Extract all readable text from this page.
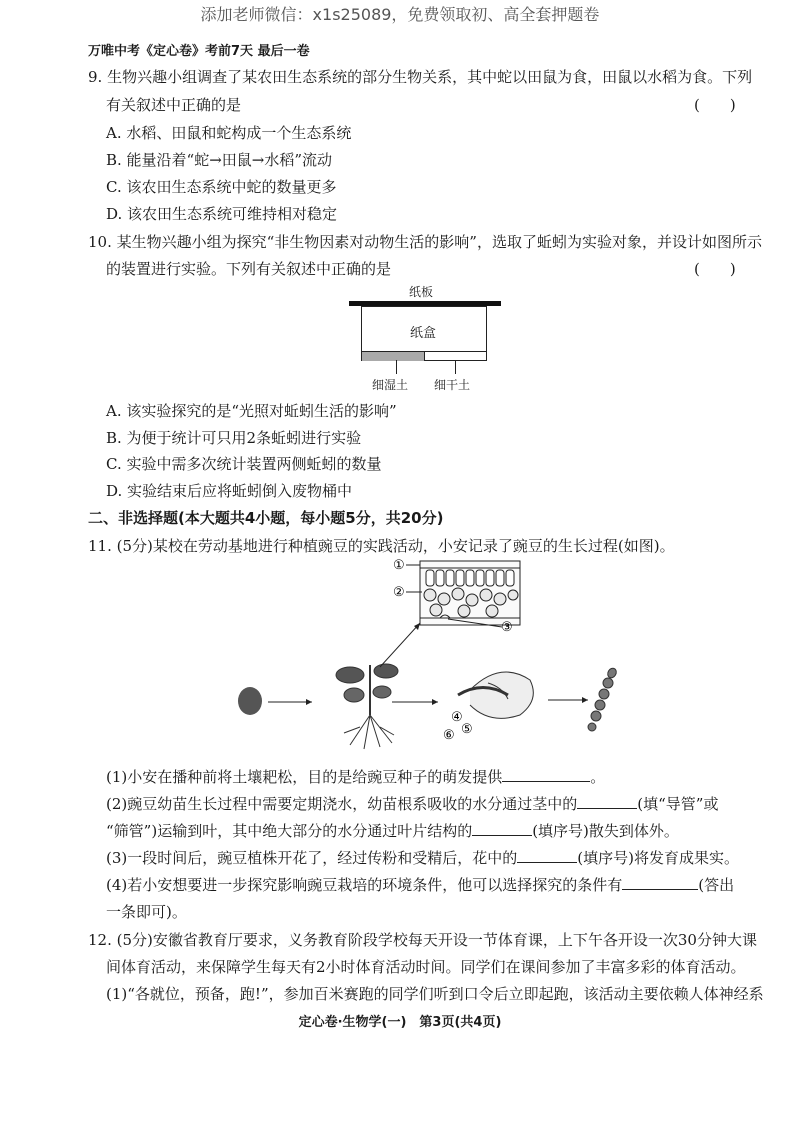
添加老师微信：x1s25089，免费领取初、高全套押题卷
万唯中考《定心卷》考前7天 最后一卷
9. 生物兴趣小组调查了某农田生态系统的部分生物关系，其中蛇以田鼠为食，田鼠以水稻为食。下列
有关叙述中正确的是	(　　)
A. 水稻、田鼠和蛇构成一个生态系统
B. 能量沿着“蛇→田鼠→水稻”流动
C. 该农田生态系统中蛇的数量更多
D. 该农田生态系统可维持相对稳定
10. 某生物兴趣小组为探究“非生物因素对动物生活的影响”，选取了蚯蚓为实验对象，并设计如图所示
的装置进行实验。下列有关叙述中正确的是	(　　)
纸板
纸盒
细湿土 细干土
A. 该实验探究的是“光照对蚯蚓生活的影响”
B. 为便于统计可只用2条蚯蚓进行实验
C. 实验中需多次统计装置两侧蚯蚓的数量
D. 实验结束后应将蚯蚓倒入废物桶中
二、非选择题(本大题共4小题，每小题5分，共20分)
11. (5分)某校在劳动基地进行种植豌豆的实践活动，小安记录了豌豆的生长过程(如图)。
①
②
③
④
⑥ ⑤
(1)小安在播种前将土壤耙松，目的是给豌豆种子的萌发提供	。
(2)豌豆幼苗生长过程中需要定期浇水，幼苗根系吸收的水分通过茎中的	(填“导管”或
“筛管”)运输到叶，其中绝大部分的水分通过叶片结构的	(填序号)散失到体外。
(3)一段时间后，豌豆植株开花了，经过传粉和受精后，花中的	(填序号)将发育成果实。
(4)若小安想要进一步探究影响豌豆栽培的环境条件，他可以选择探究的条件有	(答出
一条即可)。
12. (5分)安徽省教育厅要求，义务教育阶段学校每天开设一节体育课，上下午各开设一次30分钟大课
间体育活动，来保障学生每天有2小时体育活动时间。同学们在课间参加了丰富多彩的体育活动。
(1)“各就位，预备，跑!”，参加百米赛跑的同学们听到口令后立即起跑，该活动主要依赖人体神经系
定心卷·生物学(一)　第3页(共4页)
